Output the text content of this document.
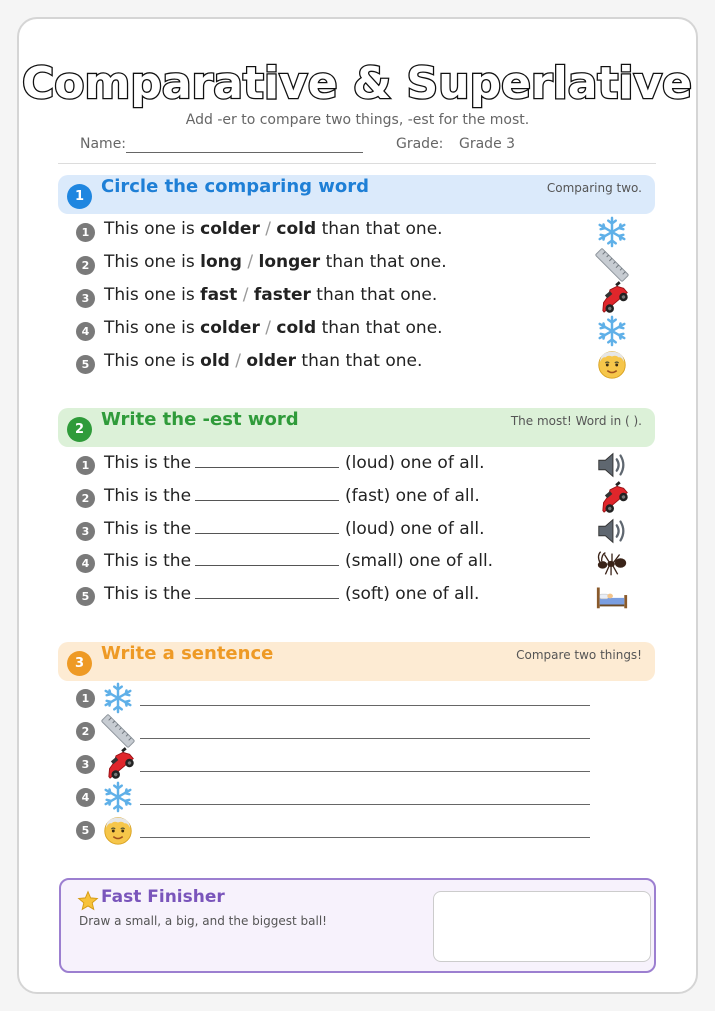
Comparative & Superlative
Add -er to compare two things, -est for the most.
Name:	Grade: Grade 3
1 Circle the comparing word	Comparing two.
1 This one is colder / cold than that one.
2 This one is long / longer than that one.
3 This one is fast / faster than that one.
4 This one is colder / cold than that one.
5 This one is old / older than that one.
2 Write the -est word	The most! Word in ( ).
1 This is the	(loud) one of all.
2 This is the	(fast) one of all.
3 This is the	(loud) one of all.
4 This is the	(small) one of all.
5 This is the	(soft) one of all.
3 Write a sentence	Compare two things!
1
2
3
4
5
Fast Finisher
Draw a small, a big, and the biggest ball!
